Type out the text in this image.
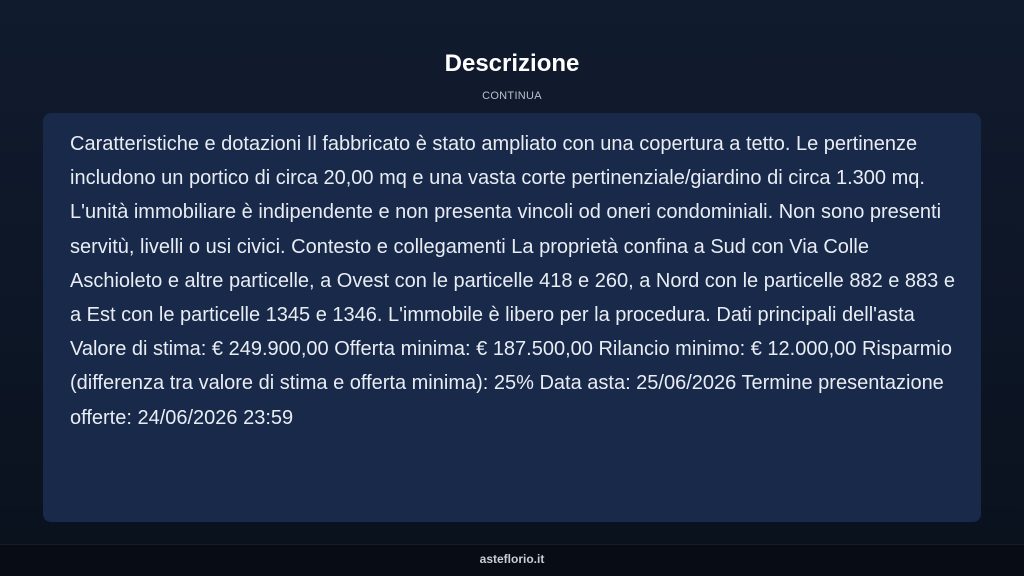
Descrizione
CONTINUA

Caratteristiche e dotazioni Il fabbricato è stato ampliato con una copertura a tetto. Le pertinenze includono un portico di circa 20,00 mq e una vasta corte pertinenziale/giardino di circa 1.300 mq. L'unità immobiliare è indipendente e non presenta vincoli od oneri condominiali. Non sono presenti servitù, livelli o usi civici. Contesto e collegamenti La proprietà confina a Sud con Via Colle Aschioleto e altre particelle, a Ovest con le particelle 418 e 260, a Nord con le particelle 882 e 883 e a Est con le particelle 1345 e 1346. L'immobile è libero per la procedura. Dati principali dell'asta Valore di stima: € 249.900,00 Offerta minima: € 187.500,00 Rilancio minimo: € 12.000,00 Risparmio (differenza tra valore di stima e offerta minima): 25% Data asta: 25/06/2026 Termine presentazione offerte: 24/06/2026 23:59

asteflorio.it
